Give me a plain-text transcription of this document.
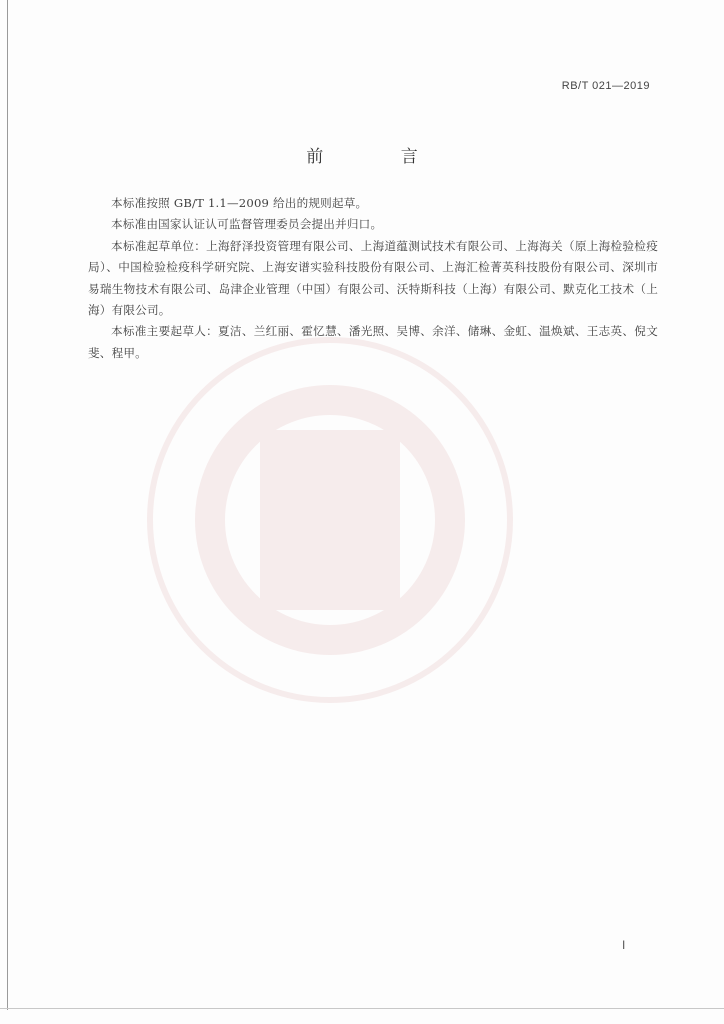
RB/T 021—2019
前 言

本标准按照 GB/T 1.1—2009 给出的规则起草。

本标准由国家认证认可监督管理委员会提出并归口。

本标准起草单位：上海舒泽投资管理有限公司、上海道蕴测试技术有限公司、上海海关（原上海检验检疫局）、中国检验检疫科学研究院、上海安谱实验科技股份有限公司、上海汇检菁英科技股份有限公司、深圳市易瑞生物技术有限公司、岛津企业管理（中国）有限公司、沃特斯科技（上海）有限公司、默克化工技术（上海）有限公司。

本标准主要起草人：夏洁、兰红丽、霍忆慧、潘光照、吴博、余洋、储琳、金虹、温焕斌、王志英、倪文斐、程甲。

I
